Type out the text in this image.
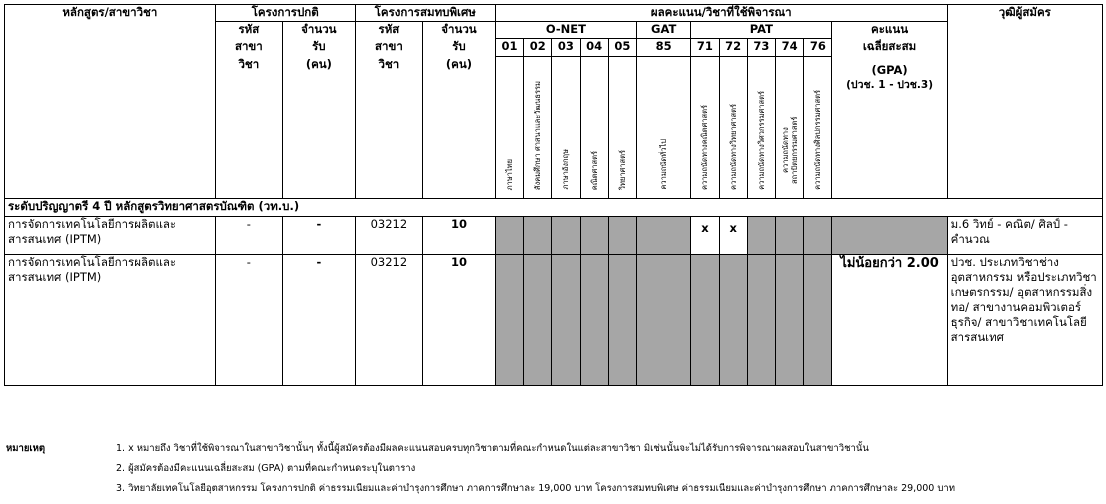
หลักสูตร/สาขาวิชา	โครงการปกติ		โครงการสมทบพิเศษ		ผลคะแนน/วิชาที่ใช้พิจารณา												วุฒิผู้สมัคร
	รหัส	จำนวน	รหัส	จำนวน	O-NET					GAT	PAT					คะแนน	
	สาขา	รับ	สาขา	รับ	01	02	03	04	05	85	71	72	73	74	76	เฉลี่ยสะสม	
	วิชา	(คน)	วิชา	(คน)	ภาษาไทย	สังคมศึกษา ศาสนาและวัฒนธรรม	ภาษาอังกฤษ	คณิตศาสตร์	วิทยาศาสตร์	ความถนัดทั่วไป	ความถนัดทางคณิตศาสตร์	ความถนัดทางวิทยาศาสตร์	ความถนัดทางวิศวกรรมศาสตร์	ความถนัดทางสถาปัตยกรรมศาสตร์	ความถนัดทางศิลปกรรมศาสตร์	(GPA)
(ปวช. 1 - ปวช.3)	

ระดับปริญญาตรี 4 ปี หลักสูตรวิทยาศาสตรบัณฑิต (วท.บ.)																	
การจัดการเทคโนโลยีการผลิตและสารสนเทศ (IPTM)	-	-	03212	10							x	x					ม.6 วิทย์ - คณิต/ ศิลป์ - คำนวณ
การจัดการเทคโนโลยีการผลิตและสารสนเทศ (IPTM)	-	-	03212	10												ไม่น้อยกว่า 2.00	ปวช. ประเภทวิชาช่างอุตสาหกรรม หรือประเภทวิชาเกษตรกรรม/ อุตสาหกรรมสิ่งทอ/ สาขางานคอมพิวเตอร์ธุรกิจ/ สาขาวิชาเทคโนโลยีสารสนเทศ
หมายเหตุ	1. x หมายถึง วิชาที่ใช้พิจารณาในสาขาวิชานั้นๆ ทั้งนี้ผู้สมัครต้องมีผลคะแนนสอบครบทุกวิชาตามที่คณะกำหนดในแต่ละสาขาวิชา มิเช่นนั้นจะไม่ได้รับการพิจารณาผลสอบในสาขาวิชานั้น
2. ผู้สมัครต้องมีคะแนนเฉลี่ยสะสม (GPA) ตามที่คณะกำหนดระบุในตาราง
3. วิทยาลัยเทคโนโลยีอุตสาหกรรม โครงการปกติ ค่าธรรมเนียมและค่าบำรุงการศึกษา ภาคการศึกษาละ 19,000 บาท โครงการสมทบพิเศษ ค่าธรรมเนียมและค่าบำรุงการศึกษา ภาคการศึกษาละ 29,000 บาท
